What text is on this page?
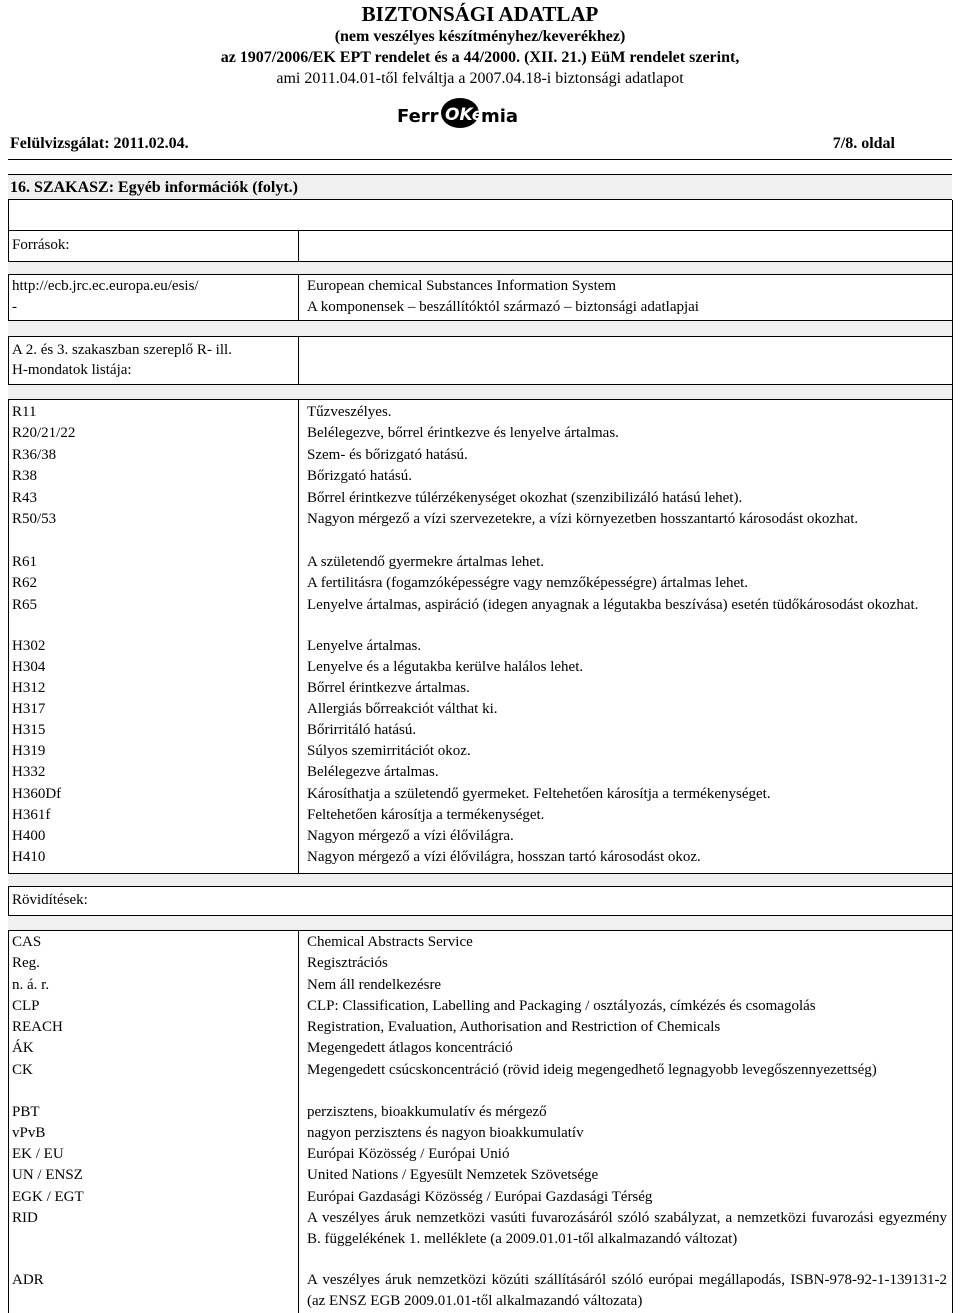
BIZTONSÁGI ADATLAP
(nem veszélyes készítményhez/keverékhez)
az 1907/2006/EK EPT rendelet és a 44/2000. (XII. 21.) EüM rendelet szerint,
ami 2011.04.01-től felváltja a 2007.04.18-i biztonsági adatlapot
Ferr OKé
mia
Felülvizsgálat: 2011.02.04.	7/8. oldal
16. SZAKASZ: Egyéb információk (folyt.)
Források:
http://ecb.jrc.ec.europa.eu/esis/	European chemical Substances Information System
-	A komponensek – beszállítóktól származó – biztonsági adatlapjai
A 2. és 3. szakaszban szereplő R- ill.
H-mondatok listája:
R11	Tűzveszélyes.
R20/21/22	Belélegezve, bőrrel érintkezve és lenyelve ártalmas.
R36/38	Szem- és bőrizgató hatású.
R38	Bőrizgató hatású.
R43	Bőrrel érintkezve túlérzékenységet okozhat (szenzibilizáló hatású lehet).
R50/53	Nagyon mérgező a vízi szervezetekre, a vízi környezetben hosszantartó károsodást okozhat.
R61	A születendő gyermekre ártalmas lehet.
R62	A fertilitásra (fogamzóképességre vagy nemzőképességre) ártalmas lehet.
R65	Lenyelve ártalmas, aspiráció (idegen anyagnak a légutakba beszívása) esetén tüdőkárosodást okozhat.
H302	Lenyelve ártalmas.
H304	Lenyelve és a légutakba kerülve halálos lehet.
H312	Bőrrel érintkezve ártalmas.
H317	Allergiás bőrreakciót válthat ki.
H315	Bőrirritáló hatású.
H319	Súlyos szemirritációt okoz.
H332	Belélegezve ártalmas.
H360Df	Károsíthatja a születendő gyermeket. Feltehetően károsítja a termékenységet.
H361f	Feltehetően károsítja a termékenységet.
H400	Nagyon mérgező a vízi élővilágra.
H410	Nagyon mérgező a vízi élővilágra, hosszan tartó károsodást okoz.
Rövidítések:
CAS	Chemical Abstracts Service
Reg.	Regisztrációs
n. á. r.	Nem áll rendelkezésre
CLP	CLP: Classification, Labelling and Packaging / osztályozás, címkézés és csomagolás
REACH	Registration, Evaluation, Authorisation and Restriction of Chemicals
ÁK	Megengedett átlagos koncentráció
CK	Megengedett csúcskoncentráció (rövid ideig megengedhető legnagyobb levegőszennyezettség)
PBT	perzisztens, bioakkumulatív és mérgező
vPvB	nagyon perzisztens és nagyon bioakkumulatív
EK / EU	Európai Közösség / Európai Unió
UN / ENSZ	United Nations / Egyesült Nemzetek Szövetsége
EGK / EGT	Európai Gazdasági Közösség / Európai Gazdasági Térség
RID	A veszélyes áruk nemzetközi vasúti fuvarozásáról szóló szabályzat, a nemzetközi fuvarozási egyezmény B. függelékének 1. melléklete (a 2009.01.01-től alkalmazandó változat)
ADR	A veszélyes áruk nemzetközi közúti szállításáról szóló európai megállapodás, ISBN-978-92-1-139131-2 (az ENSZ EGB 2009.01.01-től alkalmazandó változata)
